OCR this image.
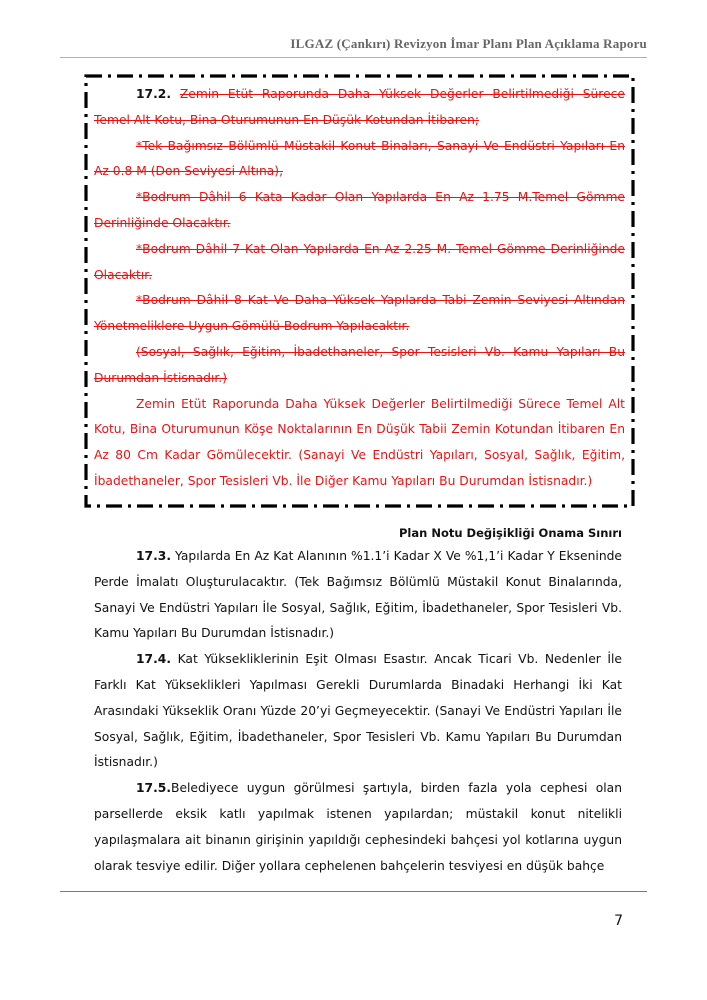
ILGAZ (Çankırı) Revizyon İmar Planı Plan Açıklama Raporu

17.2. Zemin Etüt Raporunda Daha Yüksek Değerler Belirtilmediği Sürece Temel Alt Kotu, Bina Oturumunun En Düşük Kotundan İtibaren;

*Tek Bağımsız Bölümlü Müstakil Konut Binaları, Sanayi Ve Endüstri Yapıları En Az 0.8 M (Don Seviyesi Altına),

*Bodrum Dâhil 6 Kata Kadar Olan Yapılarda En Az 1.75 M.Temel Gömme Derinliğinde Olacaktır.

*Bodrum Dâhil 7 Kat Olan Yapılarda En Az 2.25 M. Temel Gömme Derinliğinde Olacaktır.

*Bodrum Dâhil 8 Kat Ve Daha Yüksek Yapılarda Tabi Zemin Seviyesi Altından Yönetmeliklere Uygun Gömülü Bodrum Yapılacaktır.

(Sosyal, Sağlık, Eğitim, İbadethaneler, Spor Tesisleri Vb. Kamu Yapıları Bu Durumdan İstisnadır.)

Zemin Etüt Raporunda Daha Yüksek Değerler Belirtilmediği Sürece Temel Alt Kotu, Bina Oturumunun Köşe Noktalarının En Düşük Tabii Zemin Kotundan İtibaren En Az 80 Cm Kadar Gömülecektir. (Sanayi Ve Endüstri Yapıları, Sosyal, Sağlık, Eğitim, İbadethaneler, Spor Tesisleri Vb. İle Diğer Kamu Yapıları Bu Durumdan İstisnadır.)

Plan Notu Değişikliği Onama Sınırı

17.3. Yapılarda En Az Kat Alanının %1.1’i Kadar X Ve %1,1’i Kadar Y Ekseninde Perde İmalatı Oluşturulacaktır. (Tek Bağımsız Bölümlü Müstakil Konut Binalarında, Sanayi Ve Endüstri Yapıları İle Sosyal, Sağlık, Eğitim, İbadethaneler, Spor Tesisleri Vb. Kamu Yapıları Bu Durumdan İstisnadır.)

17.4. Kat Yüksekliklerinin Eşit Olması Esastır. Ancak Ticari Vb. Nedenler İle Farklı Kat Yükseklikleri Yapılması Gerekli Durumlarda Binadaki Herhangi İki Kat Arasındaki Yükseklik Oranı Yüzde 20’yi Geçmeyecektir. (Sanayi Ve Endüstri Yapıları İle Sosyal, Sağlık, Eğitim, İbadethaneler, Spor Tesisleri Vb. Kamu Yapıları Bu Durumdan İstisnadır.)

17.5.Belediyece uygun görülmesi şartıyla, birden fazla yola cephesi olan parsellerde eksik katlı yapılmak istenen yapılardan; müstakil konut nitelikli yapılaşmalara ait binanın girişinin yapıldığı cephesindeki bahçesi yol kotlarına uygun olarak tesviye edilir. Diğer yollara cephelenen bahçelerin tesviyesi en düşük bahçe

7
